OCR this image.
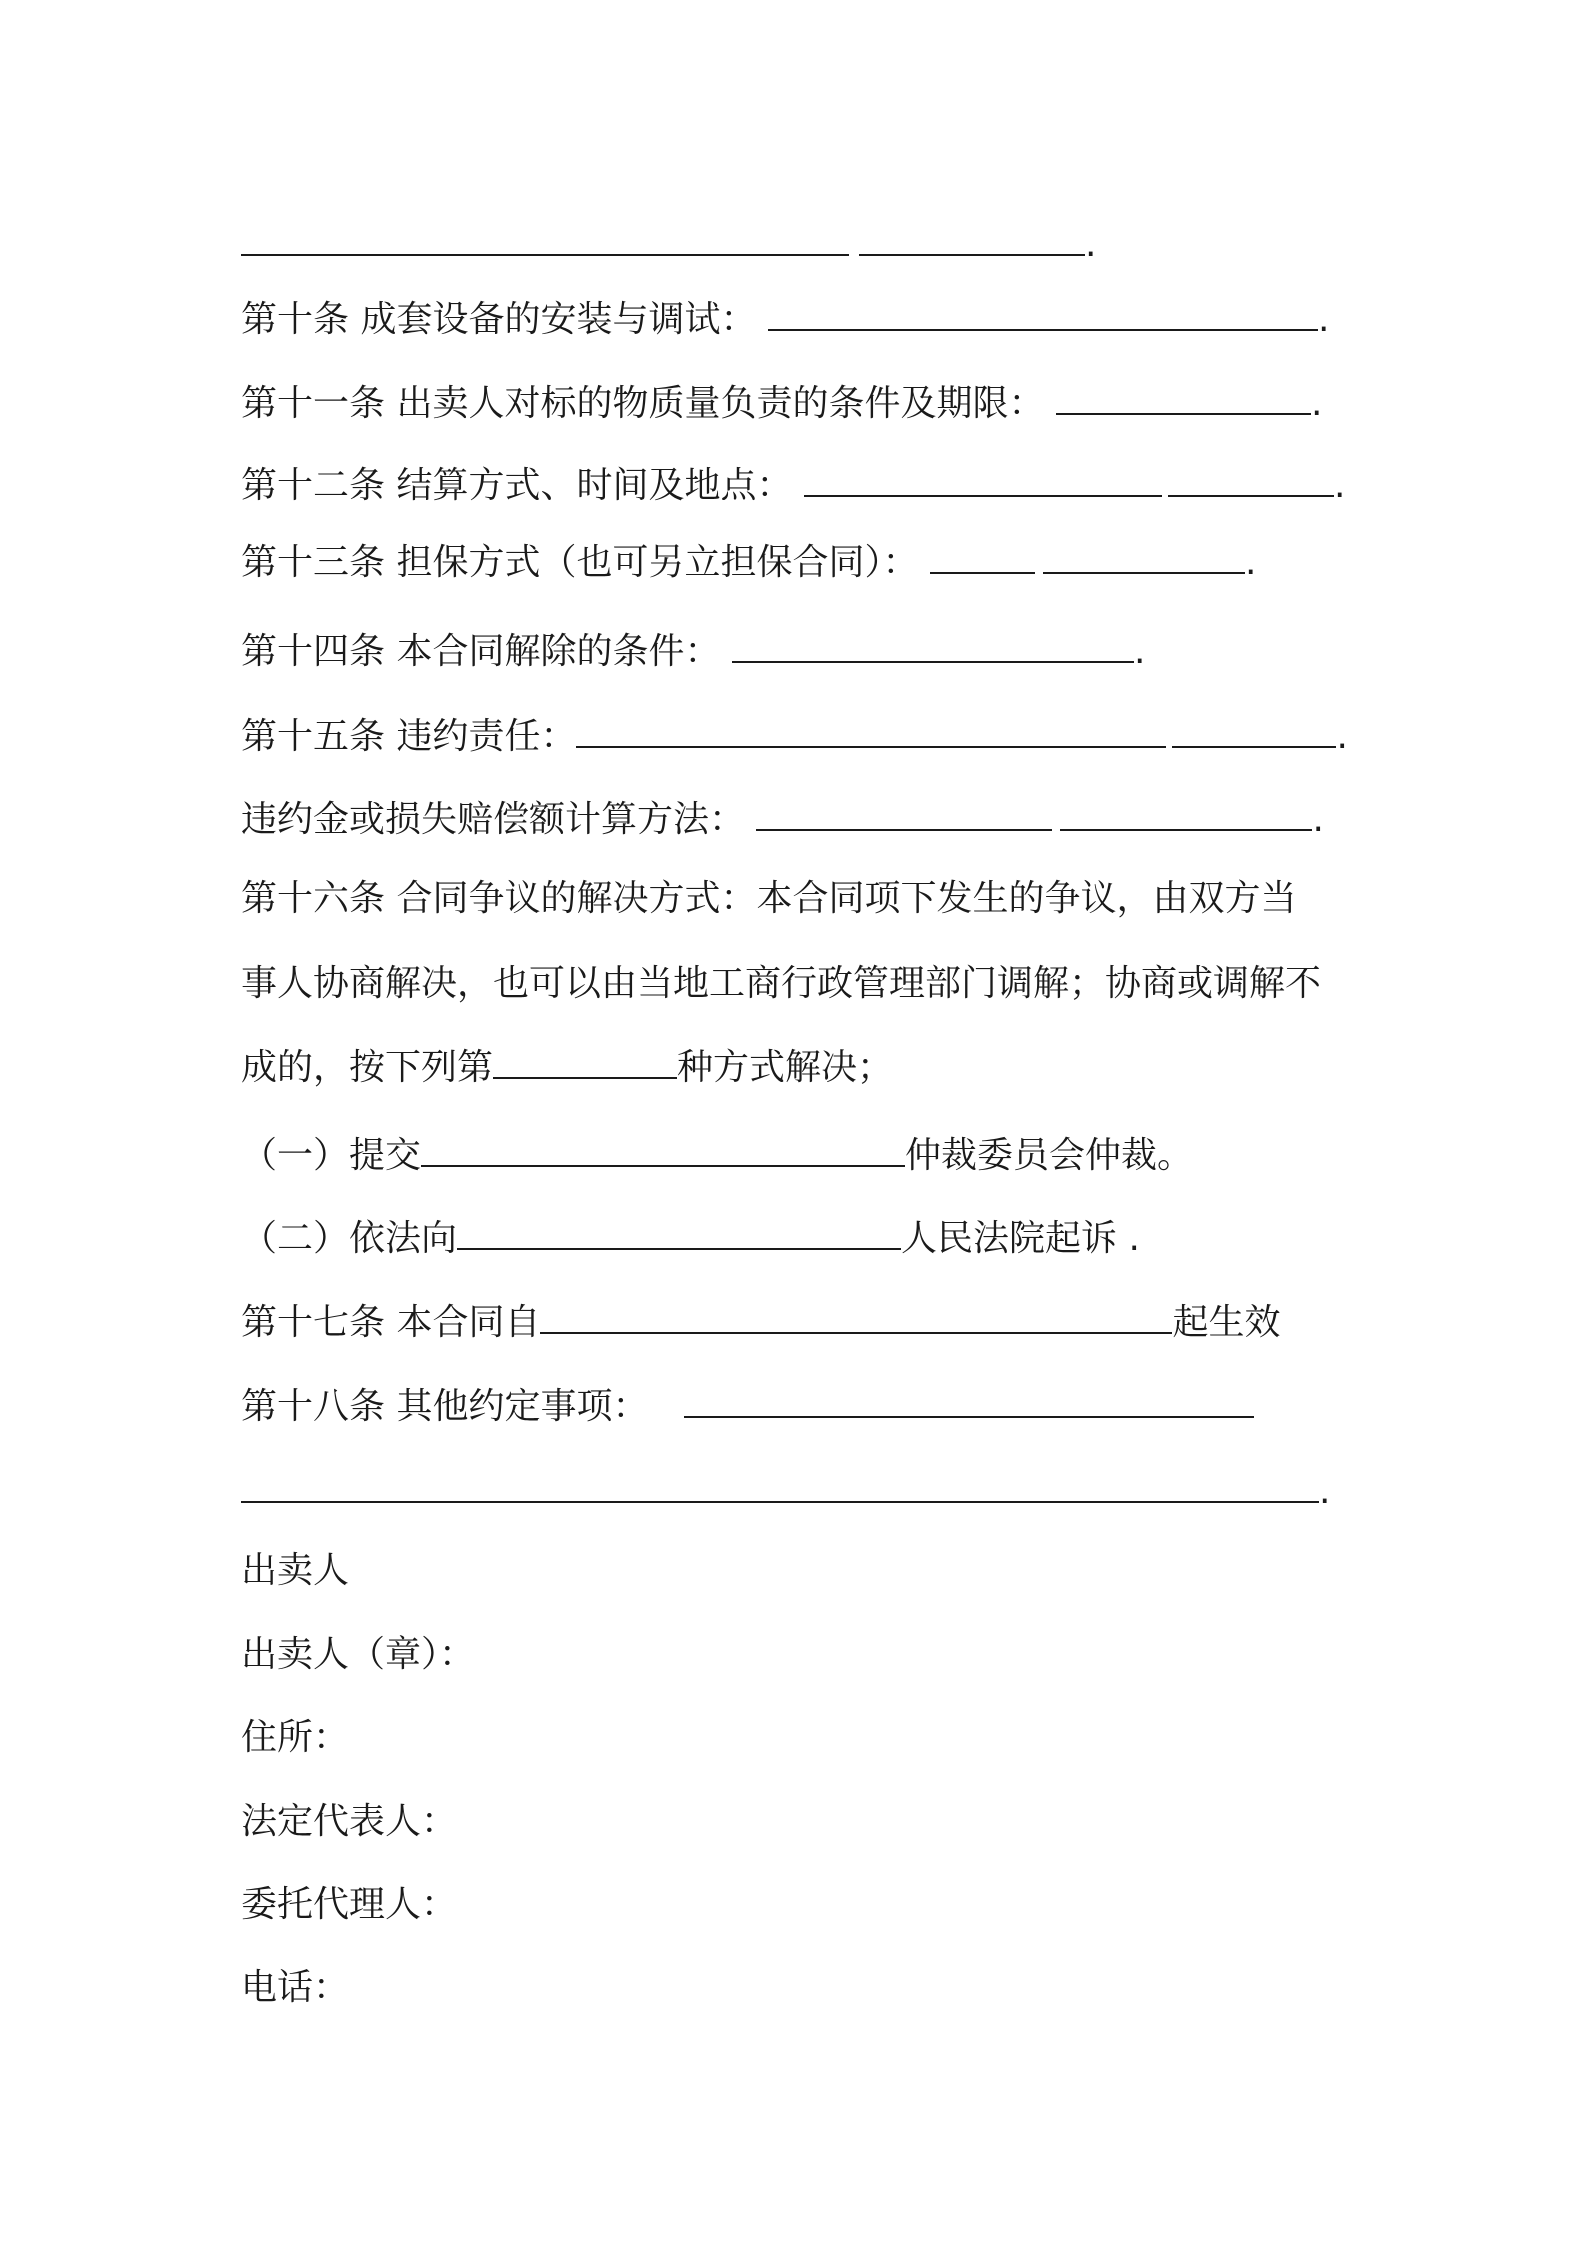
.
第十条 成套设备的安装与调试：	.
第十一条 出卖人对标的物质量负责的条件及期限：	.
第十二条 结算方式、时间及地点：	.
第十三条 担保方式（也可另立担保合同）：	.
第十四条 本合同解除的条件：	.
第十五条 违约责任：	.
违约金或损失赔偿额计算方法：	.
第十六条 合同争议的解决方式：本合同项下发生的争议，由双方当
事人协商解决，也可以由当地工商行政管理部门调解；协商或调解不
成的，按下列第	种方式解决；
（一）提交	仲裁委员会仲裁。
（二）依法向	人民法院起诉 .
第十七条 本合同自	起生效
第十八条 其他约定事项：
.
出卖人
出卖人（章）：
住所：
法定代表人：
委托代理人：
电话：
